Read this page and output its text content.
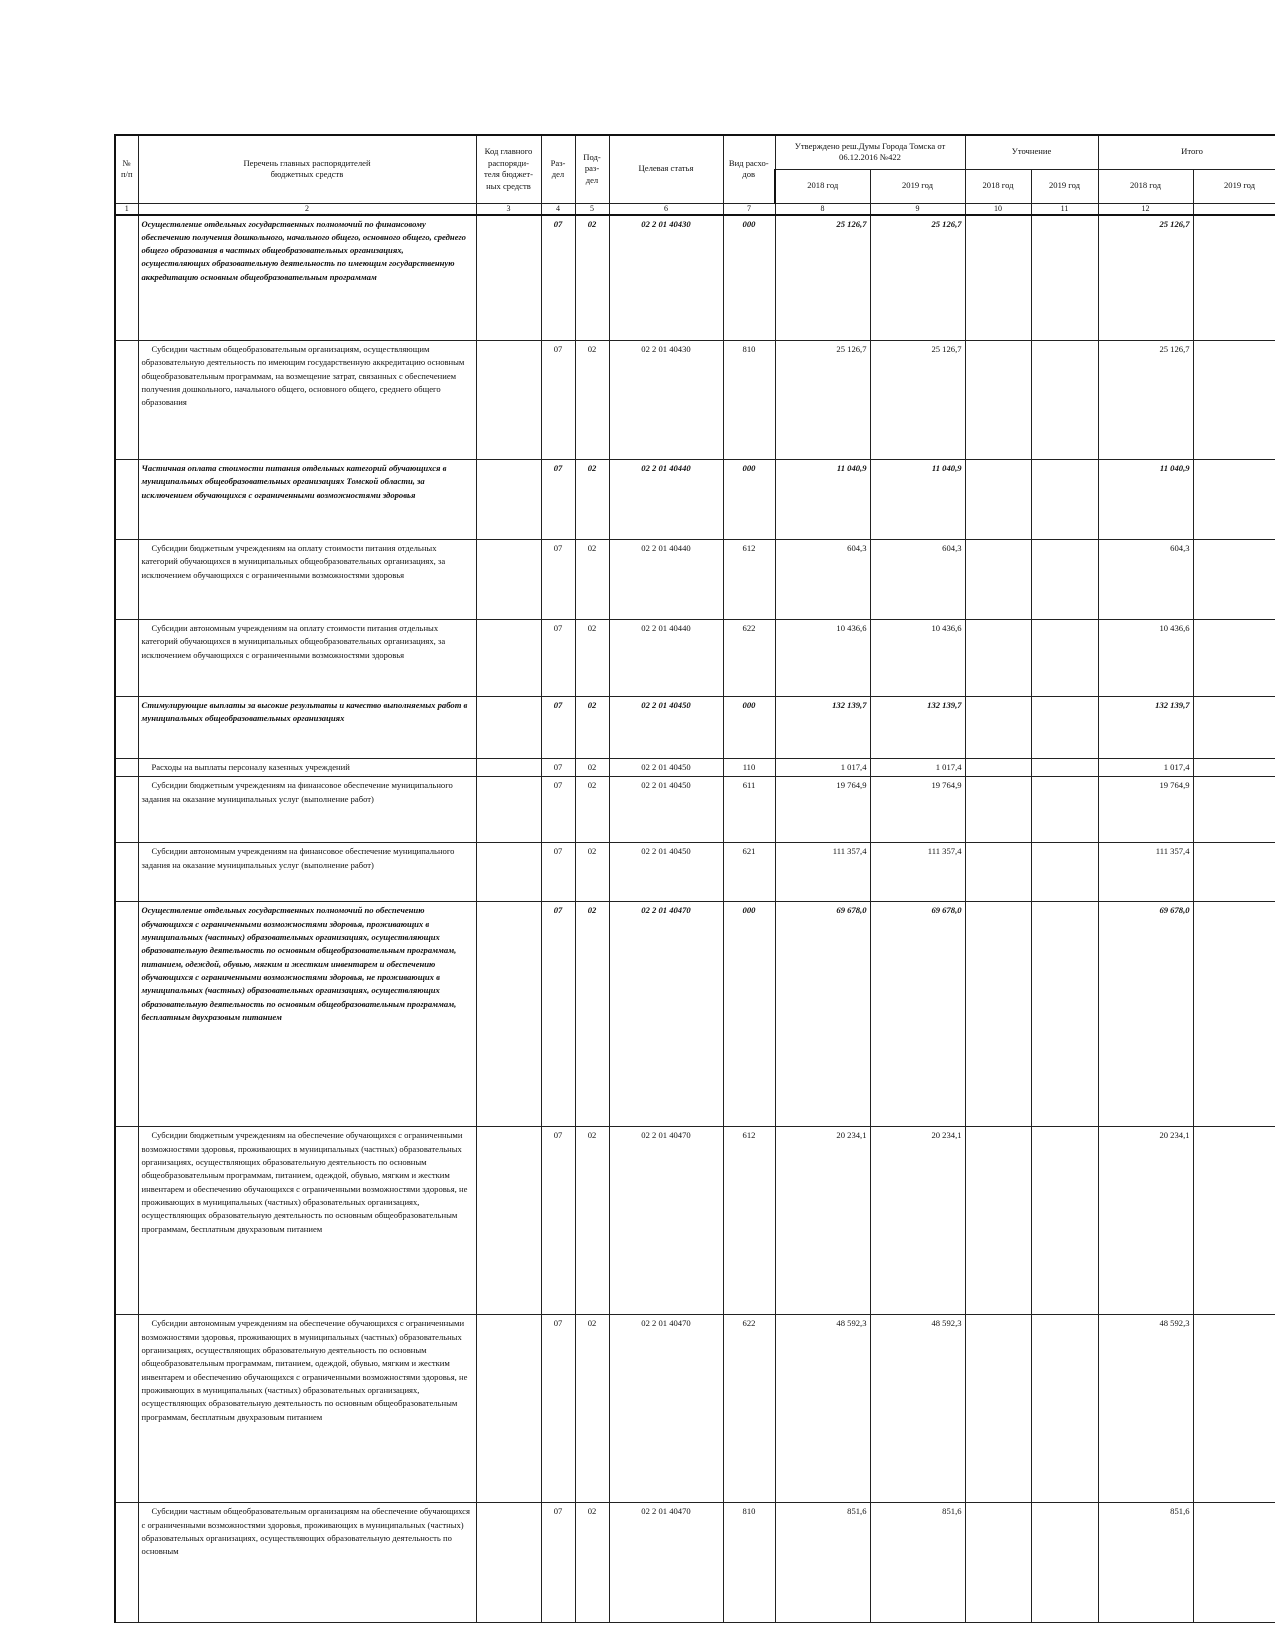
№
п/п	Перечень главных распорядителей
бюджетных средств	Код главного
распоряди-
теля бюджет-
ных средств	Раз-
дел	Под-
раз-
дел	Целевая статья	Вид расхо-
дов	Утверждено реш.Думы Города Томска от
06.12.2016 №422		Уточнение		Итого	
							2018 год	2019 год	2018 год	2019 год	2018 год	2019 год
1	2	3	4	5	6	7	8	9	10	11	12	
	Осуществление отдельных государственных полномочий по финансовому обеспечению получения дошкольного, начального общего, основного общего, среднего общего образования в частных общеобразовательных организациях, осуществляющих образовательную деятельность по имеющим государственную аккредитацию основным общеобразовательным программам		07	02	02 2 01 40430	000	25 126,7	25 126,7			25 126,7	
	Субсидии частным общеобразовательным организациям, осуществляющим образовательную деятельность по имеющим государственную аккредитацию основным общеобразовательным программам, на возмещение затрат, связанных с обеспечением получения дошкольного, начального общего, основного общего, среднего общего образования		07	02	02 2 01 40430	810	25 126,7	25 126,7			25 126,7	
	Частичная оплата стоимости питания отдельных категорий обучающихся в муниципальных общеобразовательных организациях Томской области, за исключением обучающихся с ограниченными возможностями здоровья		07	02	02 2 01 40440	000	11 040,9	11 040,9			11 040,9	
	Субсидии бюджетным учреждениям на оплату стоимости питания отдельных категорий обучающихся в муниципальных общеобразовательных организациях, за исключением обучающихся с ограниченными возможностями здоровья		07	02	02 2 01 40440	612	604,3	604,3			604,3	
	Субсидии автономным учреждениям на оплату стоимости питания отдельных категорий обучающихся в муниципальных общеобразовательных организациях, за исключением обучающихся с ограниченными возможностями здоровья		07	02	02 2 01 40440	622	10 436,6	10 436,6			10 436,6	
	Стимулирующие выплаты за высокие результаты и качество выполняемых работ в муниципальных общеобразовательных организациях		07	02	02 2 01 40450	000	132 139,7	132 139,7			132 139,7	
	Расходы на выплаты персоналу казенных учреждений		07	02	02 2 01 40450	110	1 017,4	1 017,4			1 017,4	
	Субсидии бюджетным учреждениям на финансовое обеспечение муниципального задания на оказание муниципальных услуг (выполнение работ)		07	02	02 2 01 40450	611	19 764,9	19 764,9			19 764,9	
	Субсидии автономным учреждениям на финансовое обеспечение муниципального задания на оказание муниципальных услуг (выполнение работ)		07	02	02 2 01 40450	621	111 357,4	111 357,4			111 357,4	
	Осуществление отдельных государственных полномочий по обеспечению обучающихся с ограниченными возможностями здоровья, проживающих в муниципальных (частных) образовательных организациях, осуществляющих образовательную деятельность по основным общеобразовательным программам, питанием, одеждой, обувью, мягким и жестким инвентарем и обеспечению обучающихся с ограниченными возможностями здоровья, не проживающих в муниципальных (частных) образовательных организациях, осуществляющих образовательную деятельность по основным общеобразовательным программам, бесплатным двухразовым питанием		07	02	02 2 01 40470	000	69 678,0	69 678,0			69 678,0	
	Субсидии бюджетным учреждениям на обеспечение обучающихся с ограниченными возможностями здоровья, проживающих в муниципальных (частных) образовательных организациях, осуществляющих образовательную деятельность по основным общеобразовательным программам, питанием, одеждой, обувью, мягким и жестким инвентарем и обеспечению обучающихся с ограниченными возможностями здоровья, не проживающих в муниципальных (частных) образовательных организациях, осуществляющих образовательную деятельность по основным общеобразовательным программам, бесплатным двухразовым питанием		07	02	02 2 01 40470	612	20 234,1	20 234,1			20 234,1	
	Субсидии автономным учреждениям на обеспечение обучающихся с ограниченными возможностями здоровья, проживающих в муниципальных (частных) образовательных организациях, осуществляющих образовательную деятельность по основным общеобразовательным программам, питанием, одеждой, обувью, мягким и жестким инвентарем и обеспечению обучающихся с ограниченными возможностями здоровья, не проживающих в муниципальных (частных) образовательных организациях, осуществляющих образовательную деятельность по основным общеобразовательным программам, бесплатным двухразовым питанием		07	02	02 2 01 40470	622	48 592,3	48 592,3			48 592,3	
	Субсидии частным общеобразовательным организациям на обеспечение обучающихся с ограниченными возможностями здоровья, проживающих в муниципальных (частных) образовательных организациях, осуществляющих образовательную деятельность по основным		07	02	02 2 01 40470	810	851,6	851,6			851,6	
